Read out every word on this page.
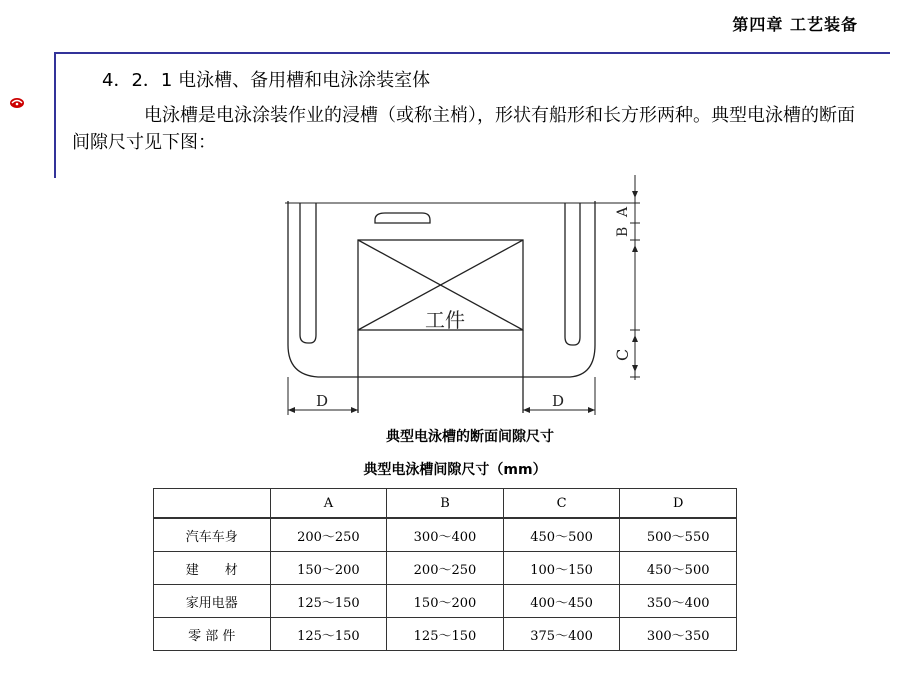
第四章 工艺装备
4．2．1 电泳槽、备用槽和电泳涂装室体
电泳槽是电泳涂装作业的浸槽（或称主梢），形状有船形和长方形两种。典型电泳槽的断面间隙尺寸见下图：
工件
A
B
C
D	D
典型电泳槽的断面间隙尺寸
典型电泳槽间隙尺寸（mm）
	A	B	C	D
汽车车身	200～250	300～400	450～500	500～550
建　　材	150～200	200～250	100～150	450～500
家用电器	125～150	150～200	400～450	350～400
零 部 件	125～150	125～150	375～400	300～350
